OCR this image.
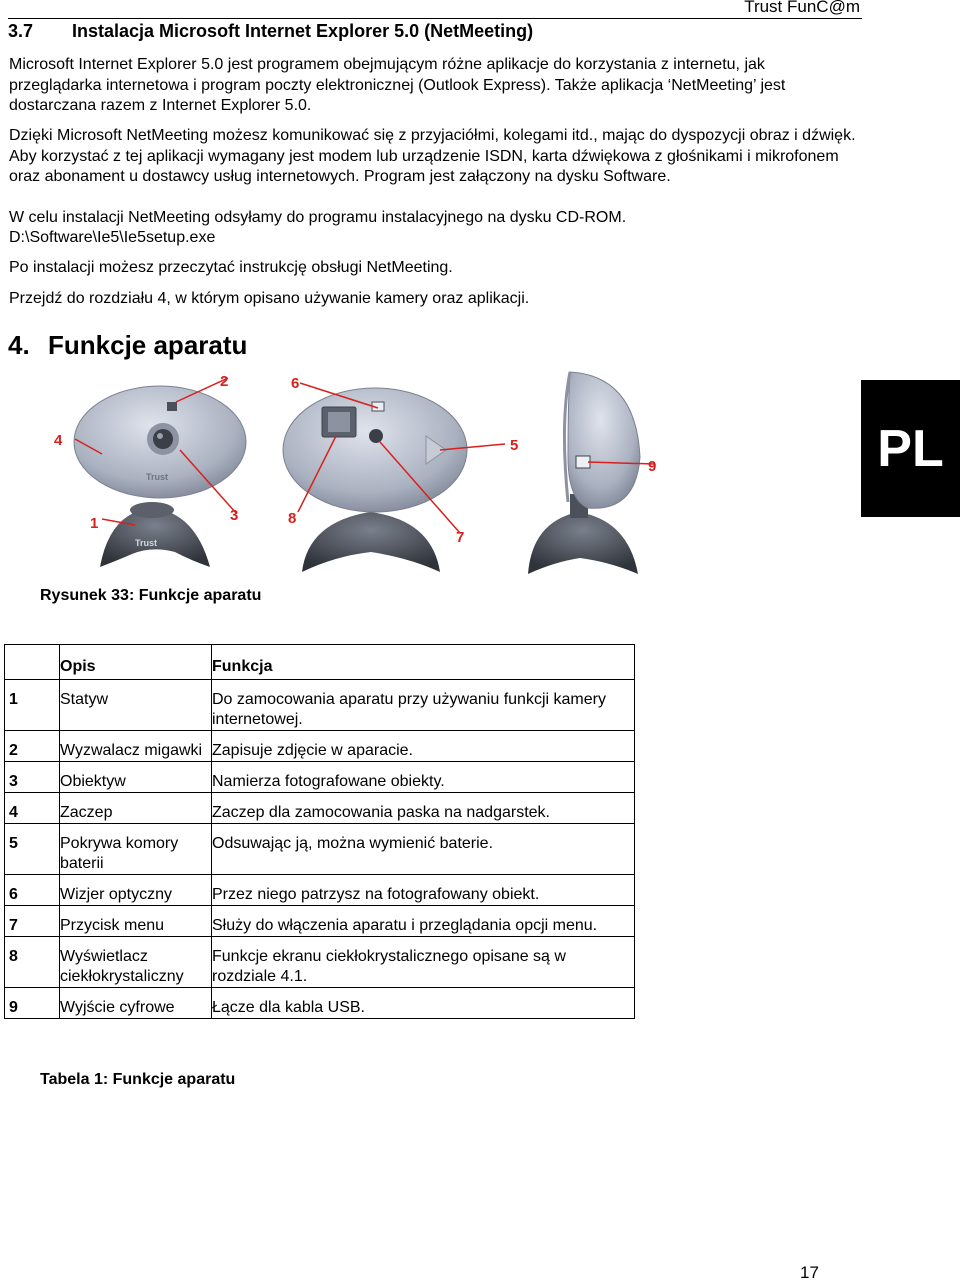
Trust FunC@m
3.7 Instalacja Microsoft Internet Explorer 5.0 (NetMeeting)

Microsoft Internet Explorer 5.0 jest programem obejmującym różne aplikacje do korzystania z internetu, jak przeglądarka internetowa i program poczty elektronicznej (Outlook Express). Także aplikacja ‘NetMeeting’ jest dostarczana razem z Internet Explorer 5.0.

Dzięki Microsoft NetMeeting możesz komunikować się z przyjaciółmi, kolegami itd., mając do dyspozycji obraz i dźwięk. Aby korzystać z tej aplikacji wymagany jest modem lub urządzenie ISDN, karta dźwiękowa z głośnikami i mikrofonem oraz abonament u dostawcy usług internetowych. Program jest załączony na dysku Software.

W celu instalacji NetMeeting odsyłamy do programu instalacyjnego na dysku CD-ROM.

D:\Software\Ie5\Ie5setup.exe

Po instalacji możesz przeczytać instrukcję obsługi NetMeeting.

Przejdź do rozdziału 4, w którym opisano używanie kamery oraz aplikacji.

4. Funkcje aparatu
PL
Trust
Trust
1
2
3
4	5
6
7
8
9
Rysunek 33: Funkcje aparatu
	Opis	Funkcja
1	Statyw	Do zamocowania aparatu przy używaniu funkcji kamery internetowej.
2	Wyzwalacz migawki	Zapisuje zdjęcie w aparacie.
3	Obiektyw	Namierza fotografowane obiekty.
4	Zaczep	Zaczep dla zamocowania paska na nadgarstek.
5	Pokrywa komory baterii	Odsuwając ją, można wymienić baterie.
6	Wizjer optyczny	Przez niego patrzysz na fotografowany obiekt.
7	Przycisk menu	Służy do włączenia aparatu i przeglądania opcji menu.
8	Wyświetlacz ciekłokrystaliczny	Funkcje ekranu ciekłokrystalicznego opisane są w rozdziale 4.1.
9	Wyjście cyfrowe	Łącze dla kabla USB.
Tabela 1: Funkcje aparatu
17
